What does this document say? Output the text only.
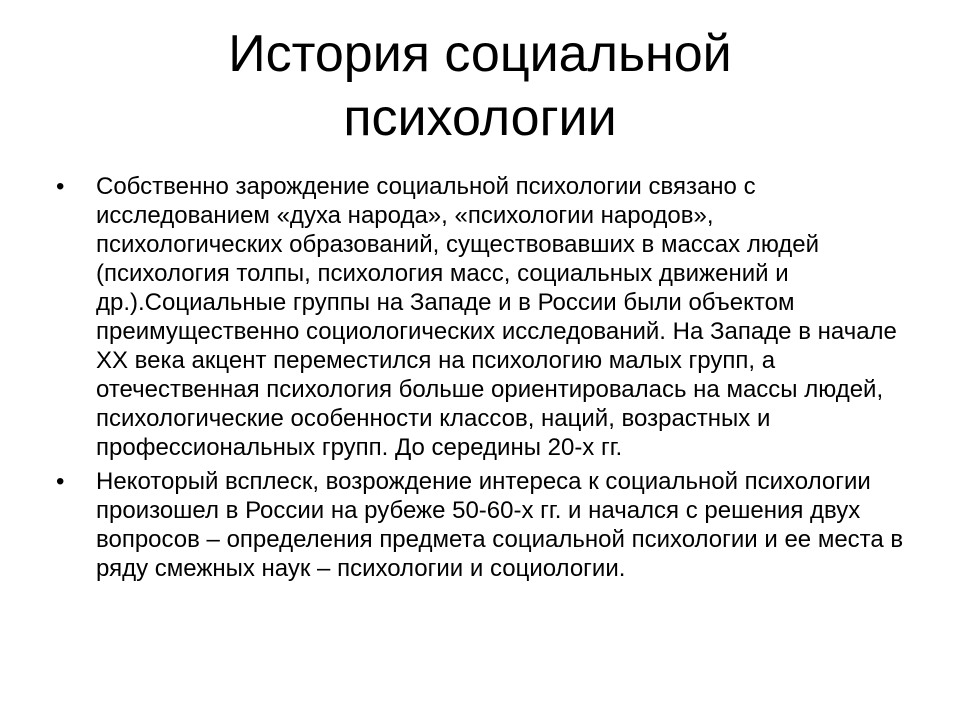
История социальной
психологии
• Собственно зарождение социальной психологии связано с исследованием «духа народа», «психологии народов», психологических образований, существовавших в массах людей (психология толпы, психология масс, социальных движений и др.).Социальные группы на Западе и в России были объектом преимущественно социологических исследований. На Западе в начале XX века акцент переместился на психологию малых групп, а отечественная психология больше ориентировалась на массы людей, психологические особенности классов, наций, возрастных и профессиональных групп. До середины 20-х гг.
• Некоторый всплеск, возрождение интереса к социальной психологии произошел в России на рубеже 50-60-х гг. и начался с решения двух вопросов – определения предмета социальной психологии и ее места в ряду смежных наук – психологии и социологии.
